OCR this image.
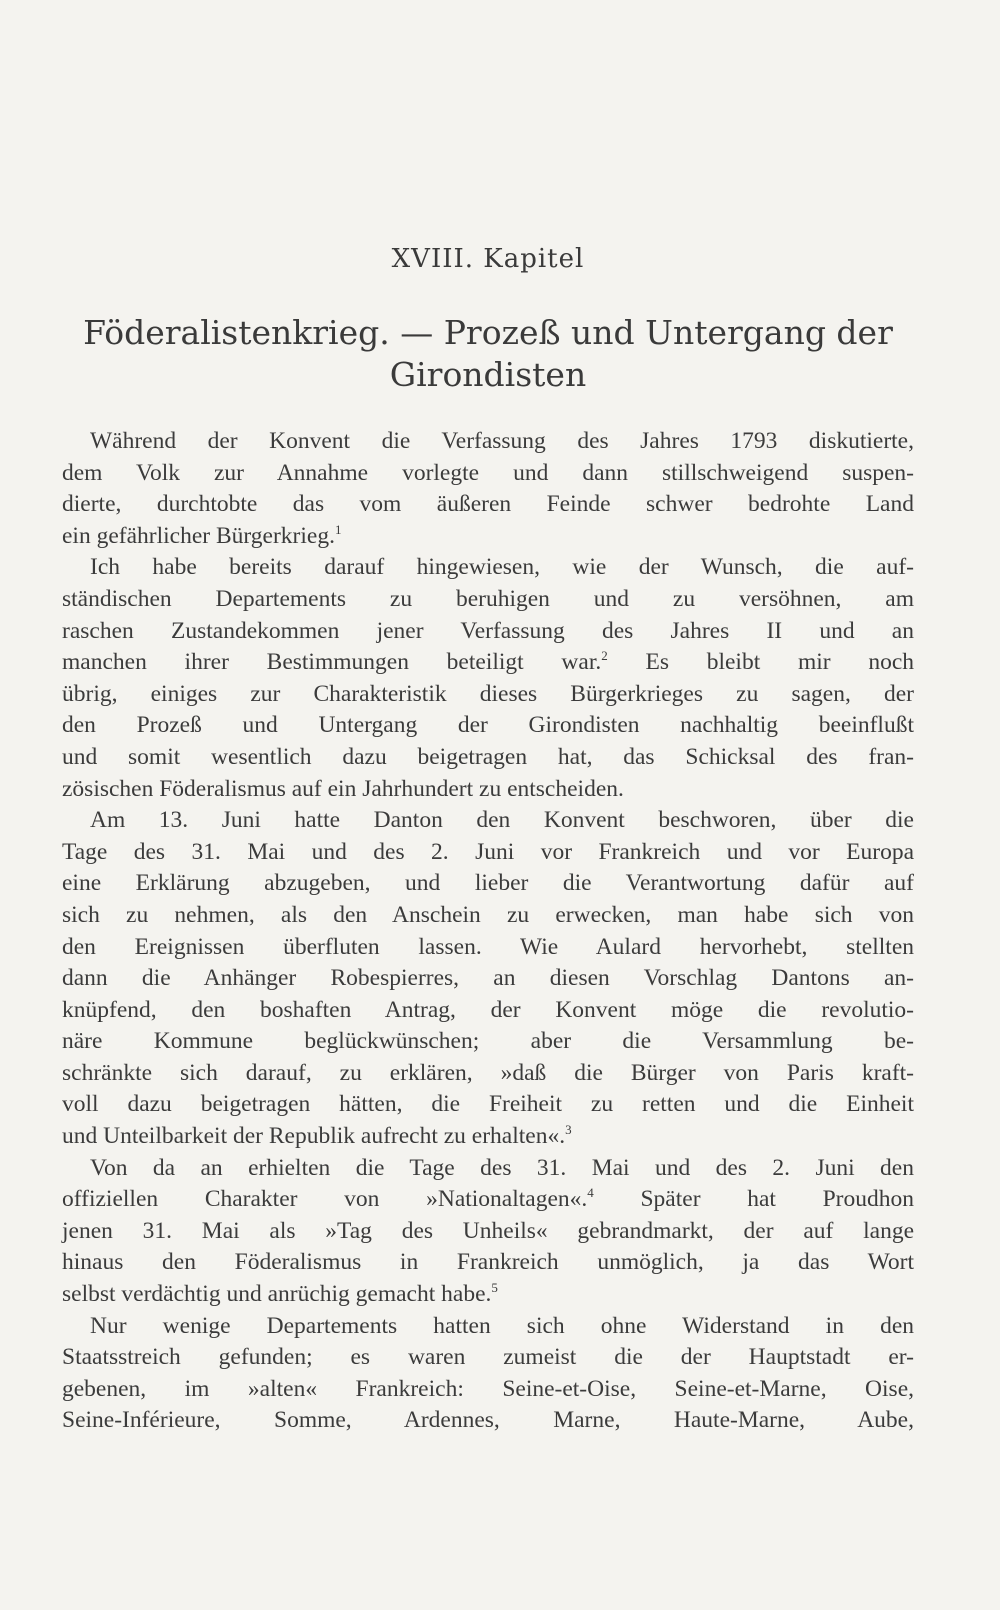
XVIII. Kapitel
Föderalistenkrieg. — Prozeß und Untergang der
Girondisten
Während der Konvent die Verfassung des Jahres 1793 diskutierte,
dem Volk zur Annahme vorlegte und dann stillschweigend suspen-
dierte, durchtobte das vom äußeren Feinde schwer bedrohte Land
ein gefährlicher Bürgerkrieg.$^1$
Ich habe bereits darauf hingewiesen, wie der Wunsch, die auf-
ständischen Departements zu beruhigen und zu versöhnen, am
raschen Zustandekommen jener Verfassung des Jahres II und an
manchen ihrer Bestimmungen beteiligt war.$^2$ Es bleibt mir noch
übrig, einiges zur Charakteristik dieses Bürgerkrieges zu sagen, der
den Prozeß und Untergang der Girondisten nachhaltig beeinflußt
und somit wesentlich dazu beigetragen hat, das Schicksal des fran-
zösischen Föderalismus auf ein Jahrhundert zu entscheiden.
Am 13. Juni hatte Danton den Konvent beschworen, über die
Tage des 31. Mai und des 2. Juni vor Frankreich und vor Europa
eine Erklärung abzugeben, und lieber die Verantwortung dafür auf
sich zu nehmen, als den Anschein zu erwecken, man habe sich von
den Ereignissen überfluten lassen. Wie Aulard hervorhebt, stellten
dann die Anhänger Robespierres, an diesen Vorschlag Dantons an-
knüpfend, den boshaften Antrag, der Konvent möge die revolutio-
näre Kommune beglückwünschen; aber die Versammlung be-
schränkte sich darauf, zu erklären, »daß die Bürger von Paris kraft-
voll dazu beigetragen hätten, die Freiheit zu retten und die Einheit
und Unteilbarkeit der Republik aufrecht zu erhalten«.$^3$
Von da an erhielten die Tage des 31. Mai und des 2. Juni den
offiziellen Charakter von »Nationaltagen«.$^4$ Später hat Proudhon
jenen 31. Mai als »Tag des Unheils« gebrandmarkt, der auf lange
hinaus den Föderalismus in Frankreich unmöglich, ja das Wort
selbst verdächtig und anrüchig gemacht habe.$^5$
Nur wenige Departements hatten sich ohne Widerstand in den
Staatsstreich gefunden; es waren zumeist die der Hauptstadt er-
gebenen, im »alten« Frankreich: Seine-et-Oise, Seine-et-Marne, Oise,
Seine-Inférieure, Somme, Ardennes, Marne, Haute-Marne, Aube,
